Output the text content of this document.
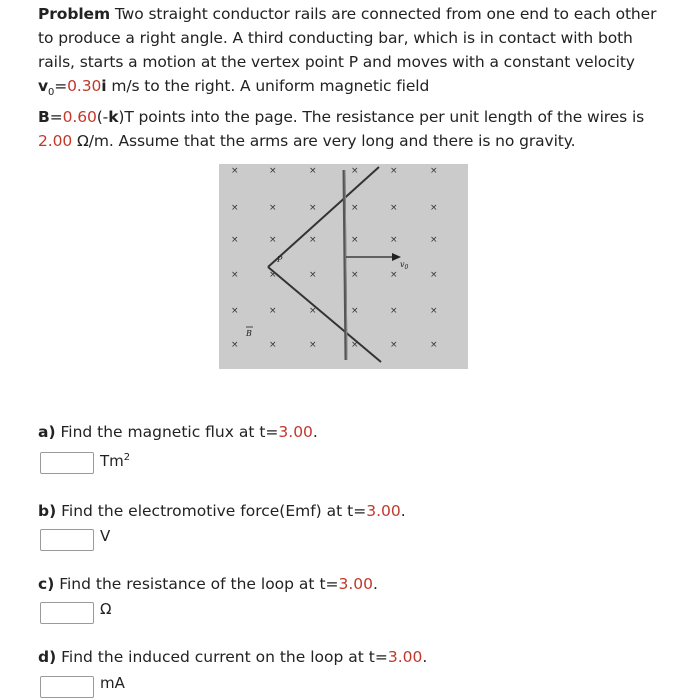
Problem Two straight conductor rails are connected from one end to each other to produce a right angle. A third conducting bar, which is in contact with both rails, starts a motion at the vertex point P and moves with a constant velocity $v_0=0.30i$ m/s to the right. A uniform magnetic field
B=0.60(-k)T points into the page. The resistance per unit length of the wires is 2.00 Ω/m. Assume that the arms are very long and there is no gravity.
×	×	×	×	×	×
×	×	×	×	×	×
×	×	×	×	×	×
×	×	×	×	×	×
×	×	×	×	×	×
×	×	×	×	×	×
$v_0$
P
B
a) Find the magnetic flux at t=3.00.
Tm$^2$
b) Find the electromotive force(Emf) at t=3.00.
V
c) Find the resistance of the loop at t=3.00.
Ω
d) Find the induced current on the loop at t=3.00.
mA
